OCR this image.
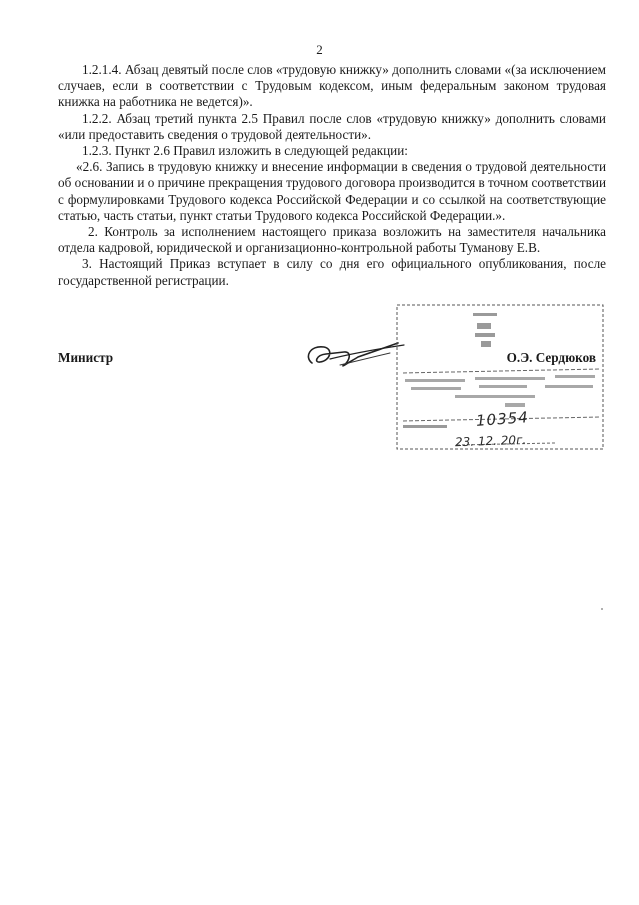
2

1.2.1.4. Абзац девятый после слов «трудовую книжку» дополнить словами «(за исключением случаев, если в соответствии с Трудовым кодексом, иным федеральным законом трудовая книжка на работника не ведется)».

1.2.2. Абзац третий пункта 2.5 Правил после слов «трудовую книжку» дополнить словами «или предоставить сведения о трудовой деятельности».

1.2.3. Пункт 2.6 Правил изложить в следующей редакции:

«2.6. Запись в трудовую книжку и внесение информации в сведения о трудовой деятельности об основании и о причине прекращения трудового договора производится в точном соответствии с формулировками Трудового кодекса Российской Федерации и со ссылкой на соответствующие статью, часть статьи, пункт статьи Трудового кодекса Российской Федерации.».

2. Контроль за исполнением настоящего приказа возложить на заместителя начальника отдела кадровой, юридической и организационно-контрольной работы Туманову Е.В.

3. Настоящий Приказ вступает в силу со дня его официального опубликования, после государственной регистрации.

Министр	О.Э. Сердюков
10354
23. 12. 20г.
